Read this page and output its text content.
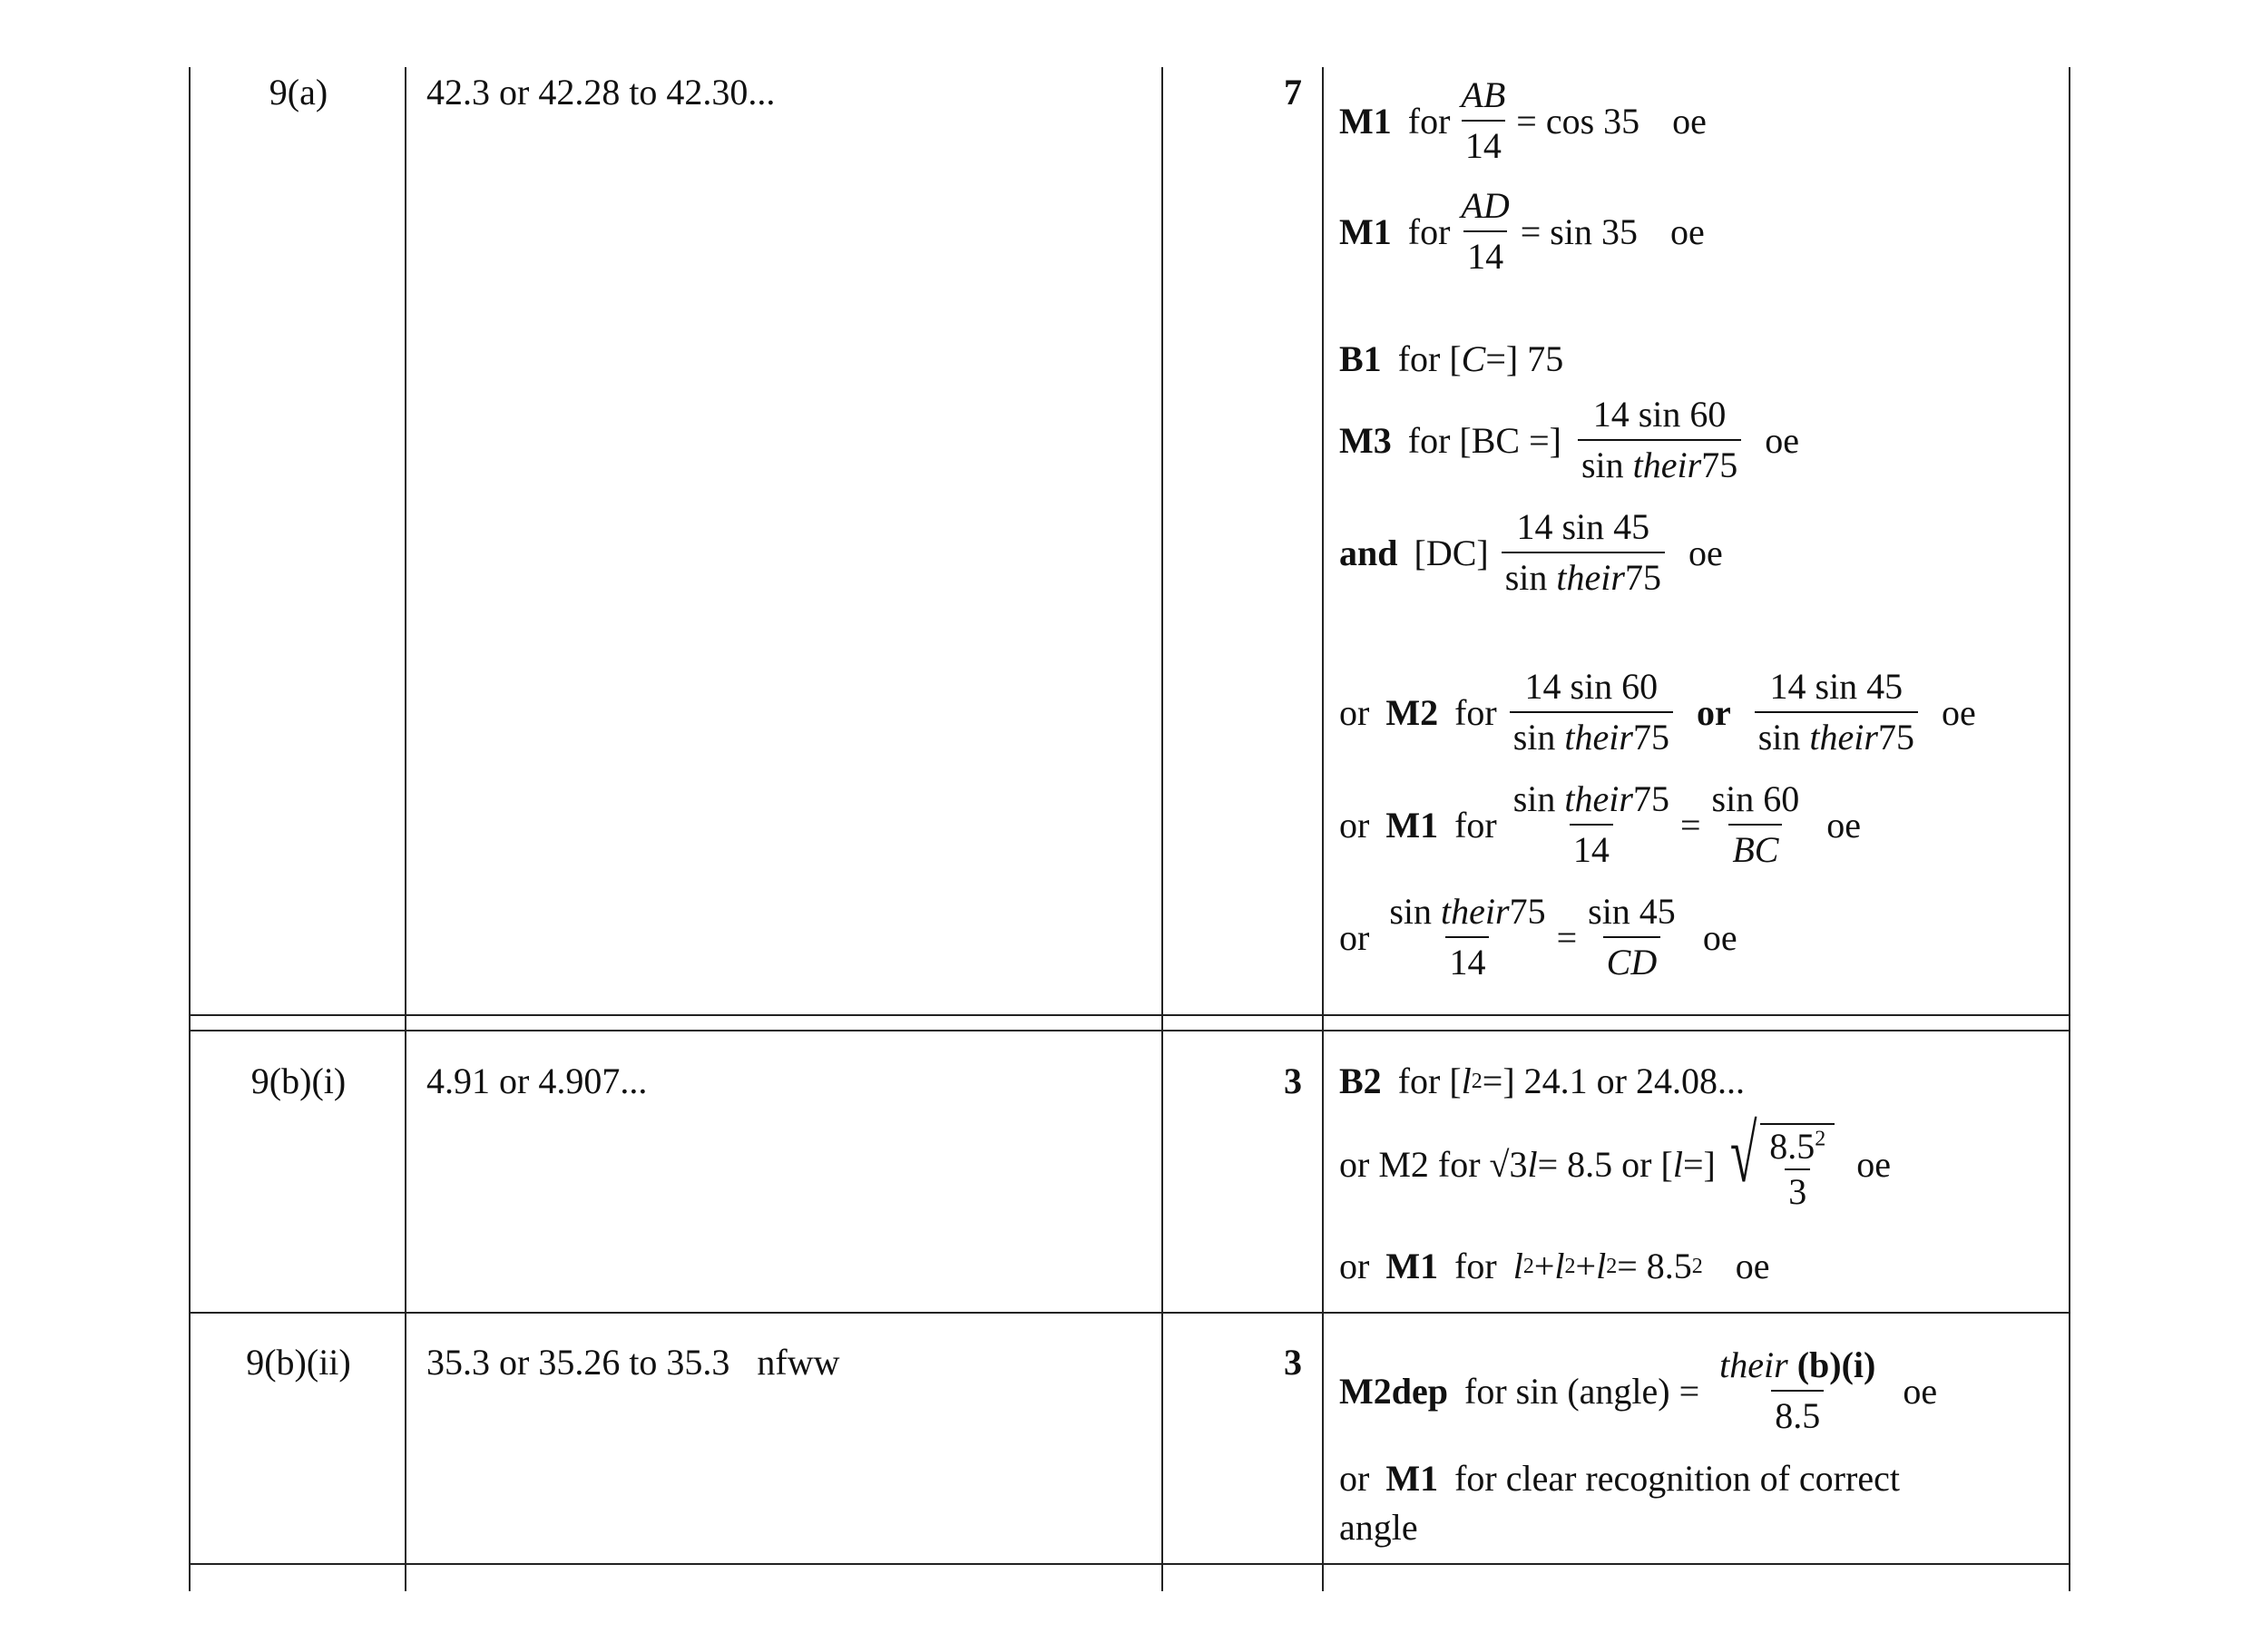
9(a)	42.3 or 42.28 to 42.30...	7
M1 for $\frac{AB}{14} = \cos 35$ oe
M1 for $\frac{AD}{14} = \sin 35$ oe
B1 for [ C =] 75
M3 for [BC =] $\frac{14 \sin 60}{\text{sin their75}}$ oe
and $[DC] \frac{14 \sin 45}{\text{sin their75}}$ oe
or M2 for $\frac{14 \sin 60}{\text{sin their75}}$ or $\frac{14 \sin 45}{\text{sin their75}}$ oe
or M1 for $\frac{\text{sin their75}}{14} = \frac{\sin 60}{BC}$ oe
or $\frac{\text{sin their75}}{14} = \frac{\sin 45}{CD}$ oe
9(b)(i)	4.91 or 4.907...	3 B2 for [ l 2 =] 24.1 or 24.08...
or M2 for √3 l = 8.5 or [ l =] √ $\frac{8.5^2}{3}$ oe
or M1 for l 2 + l 2 + l 2 = 8.5 2 oe
9(b)(ii)	35.3 or 35.26 to 35.3   nfww	3
M2dep for sin (angle) = $\frac{\text{their (b)(i)}}{8.5}$ oe
or M1 for clear recognition of correct
angle
